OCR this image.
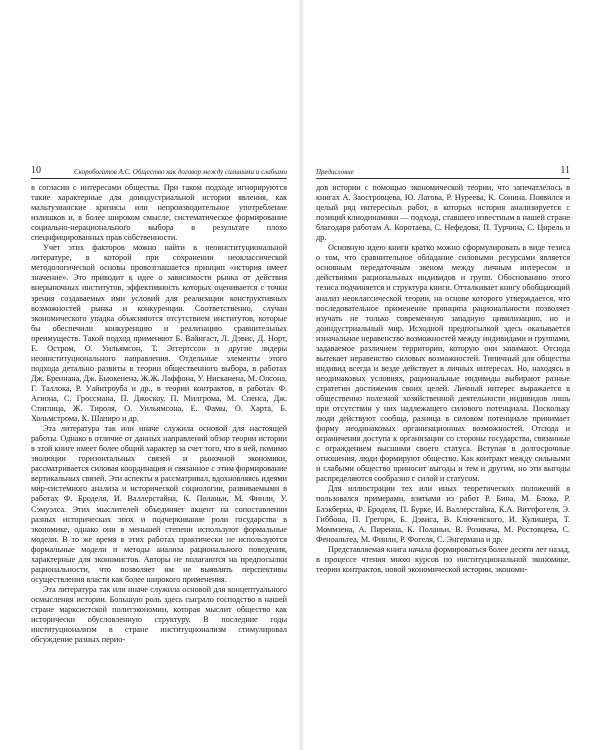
10	Скоробогатов А.С. Общество как договор между сильными и слабыми

в согласии с интересами общества. При таком подходе игнорируются такие характерные для доиндустриальной истории явления, как мальтузианские кризисы или непроизводительное употребление излишков и, в более широком смысле, систематическое формирование социально-нерационального выбора в результате плохо специфицированных прав собственности.

Учет этих факторов можно найти в неоинституциональной литературе, в которой при сохранении неоклассической методологической основы провозглашается принцип «история имеет значение». Это приводит к идее о зависимости рынка от действия внерыночных институтов, эффективность которых оценивается с точки зрения создаваемых ими условий для реализации конструктивных возможностей рынка и конкуренции. Соответственно, случаи экономического упадка объясняются отсутствием институтов, которые бы обеспечили конкуренцию и реализацию сравнительных преимуществ. Такой подход применяют Б. Вайнгаст, Л. Дэвис, Д. Норт, Е. Остром, О. Уильямсон, Т. Эггертссон и другие лидеры неоинституционального направления. Отдельные элементы этого подхода детально развиты в теории общественного выбора, в работах Дж. Бреннана, Дж. Бьюкенена, Ж.Ж. Лаффона, У. Нисканена, М. Олсона, Г. Таллока, Р. Уайнтроуба и др., в теории контрактов, в работах Ф. Агиона, С. Гроссмана, П. Джоскоу, П. Милгрома, М. Спенса, Дж. Стиглица, Ж. Тироля, О. Уильямсона, Е. Фамы, О. Харта, Б. Хольмстрома, К. Шапиро и др.

Эта литература так или иначе служила основой для настоящей работы. Однако в отличие от данных направлений обзор теории истории в этой книге имеет более общий характер за счет того, что в ней, помимо эволюции горизонтальных связей и рыночной экономики, рассматривается силовая координация и связанное с этим формирование вертикальных связей. Эти аспекты я рассматривал, вдохновляясь идеями мир-системного анализа и исторической социологии, развиваемыми в работах Ф. Броделя, И. Валлерстайна, К. Поланьи, М. Финли, У. Сэмуэлса. Этих мыслителей объединяет акцент на сопоставлении разных исторических эпох и подчеркивание роли государства в экономике, однако они в меньшей степени используют формальные модели. В то же время в этих работах практически не используются формальные модели и методы анализа рационального поведения, характерные для экономистов. Авторы не полагаются на предпосылки рациональности, что позволяет им не выявлять перспективы осуществления власти как более широкого применения.

Эта литература так или иначе служила основой для концептуального осмысления истории. Большую роль здесь сыграло господство в нашей стране марксистской политэкономии, которая мыслит общество как исторически обусловленную структуру. В последние годы институционализм в стране институционализм стимулировал обсуждение разных перио-

Предисловие	11

дов истории с помощью экономической теории, что запечатлелось в книгах А. Заостровцева, Ю. Латова, Р. Нуреева, К. Сонина. Появился и целый ряд интересных работ, в которых история анализируется с позиций клиодинамики — подхода, ставшего известным в нашей стране благодаря работам А. Коротаева, С. Нефедова, П. Турчина, С. Цирель и др.

Основную идею книги кратко можно сформулировать в виде тезиса о том, что сравнительное обладание силовыми ресурсами является основным передаточным звеном между личным интересом и действиями рациональных индивидов и групп. Обоснованию этого тезиса подчиняется и структура книги. Отталкивает книгу обобщающий анализ неоклассической теории, на основе которого утверждается, что последовательное применение принципа рациональности позволяет изучать не только современную западную цивилизацию, но и доиндустриальный мир. Исходной предпосылкой здесь оказывается изначальное неравенство возможностей между индивидами и группами, задаваемое различием территории, которую они занимают. Отсюда вытекает неравенство силовых возможностей. Типичный для общества индивид всегда и везде действует в личных интересах. Но, находясь в неодинаковых условиях, рациональные индивиды выбирают разные стратегии достижения своих целей. Личный интерес выражается в общественно полезной хозяйственной деятельности индивидов лишь при отсутствии у них надлежащего силового потенциала. Поскольку люди действуют сообща, разница в силовом потенциале принимает форму неодинаковых организационных возможностей. Отсюда и ограничения доступа к организации со стороны государства, связанные с ограждением высшими своего статуса. Вступая в долгосрочные отношения, люди формируют общество. Как контракт между сильными и слабыми общество приносит выгоды и тем и другим, но эти выгоды распределяются сообразно с силой и статусом.

Для иллюстрации тех или иных теоретических положений я пользовался примерами, взятыми из работ Р. Бина, М. Блока, Р. Блэкберна, Ф. Броделя, П. Бурке, И. Валлерстайна, К.А. Виттфогеля, Э. Гиббона, П. Грегори, Б. Дэвиса, В. Ключевского, И. Кулишера, Т. Моммзена, А. Пиренна, К. Поланьи, В. Розивача, М. Ростовцева, С. Феноальтеа, М. Финли, Р. Фогеля, С. Энгермана и др.

Представляемая книга начала формироваться более десяти лет назад, в процессе чтения мною курсов по институциональной экономике, теории контрактов, новой экономической истории, экономи-
